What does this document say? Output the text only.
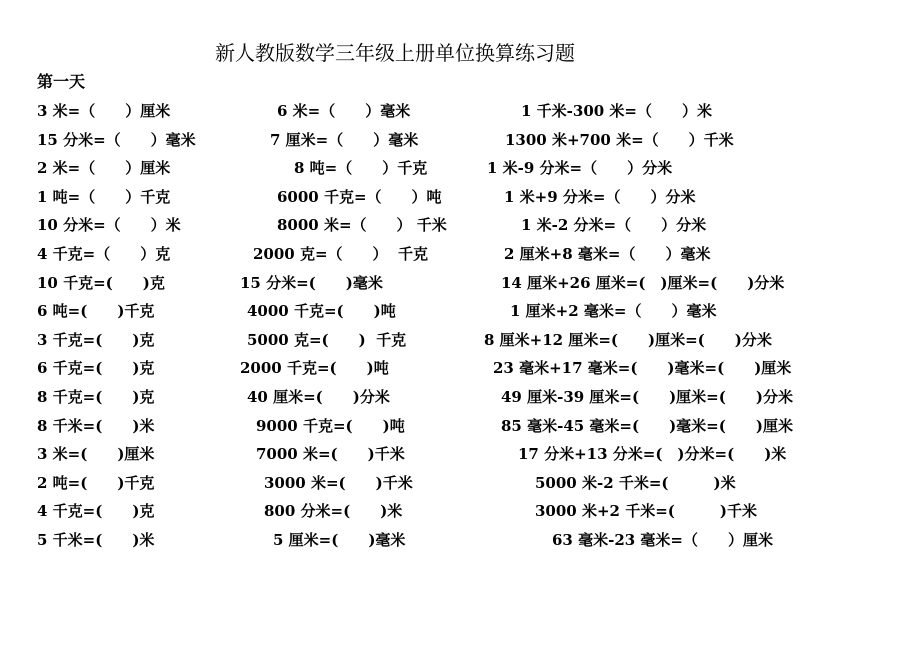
新人教版数学三年级上册单位换算练习题
第一天
3 米=（　　）厘米	6 米=（　　）毫米	1 千米-300 米=（　　）米
15 分米=（　　）毫米	7 厘米=（　　）毫米	1300 米+700 米=（　　）千米
2 米=（　　）厘米	8 吨=（　　）千克	1 米-9 分米=（　　）分米
1 吨=（　　）千克	6000 千克=（　　）吨	1 米+9 分米=（　　）分米
10 分米=（　　）米	8000 米=（　　） 千米	1 米-2 分米=（　　）分米
4 千克=（　　）克	2000 克=（　　）  千克	2 厘米+8 毫米=（　　）毫米
10 千克=(　　)克	15 分米=(　　)毫米	14 厘米+26 厘米=(　)厘米=(　　)分米
6 吨=(　　)千克	4000 千克=(　　)吨	1 厘米+2 毫米=（　　）毫米
3 千克=(　　)克	5000 克=(　　)  千克	8 厘米+12 厘米=(　　)厘米=(　　)分米
6 千克=(　　)克	2000 千克=(　　)吨	23 毫米+17 毫米=(　　)毫米=(　　)厘米
8 千克=(　　)克	40 厘米=(　　)分米	49 厘米-39 厘米=(　　)厘米=(　　)分米
8 千米=(　　)米	9000 千克=(　　)吨	85 毫米-45 毫米=(　　)毫米=(　　)厘米
3 米=(　　)厘米	7000 米=(　　)千米	17 分米+13 分米=(　)分米=(　　)米
2 吨=(　　)千克	3000 米=(　　)千米	5000 米-2 千米=(　　　)米
4 千克=(　　)克	800 分米=(　　)米	3000 米+2 千米=(　　　)千米
5 千米=(　　)米	5 厘米=(　　)毫米	63 毫米-23 毫米=（　　）厘米
